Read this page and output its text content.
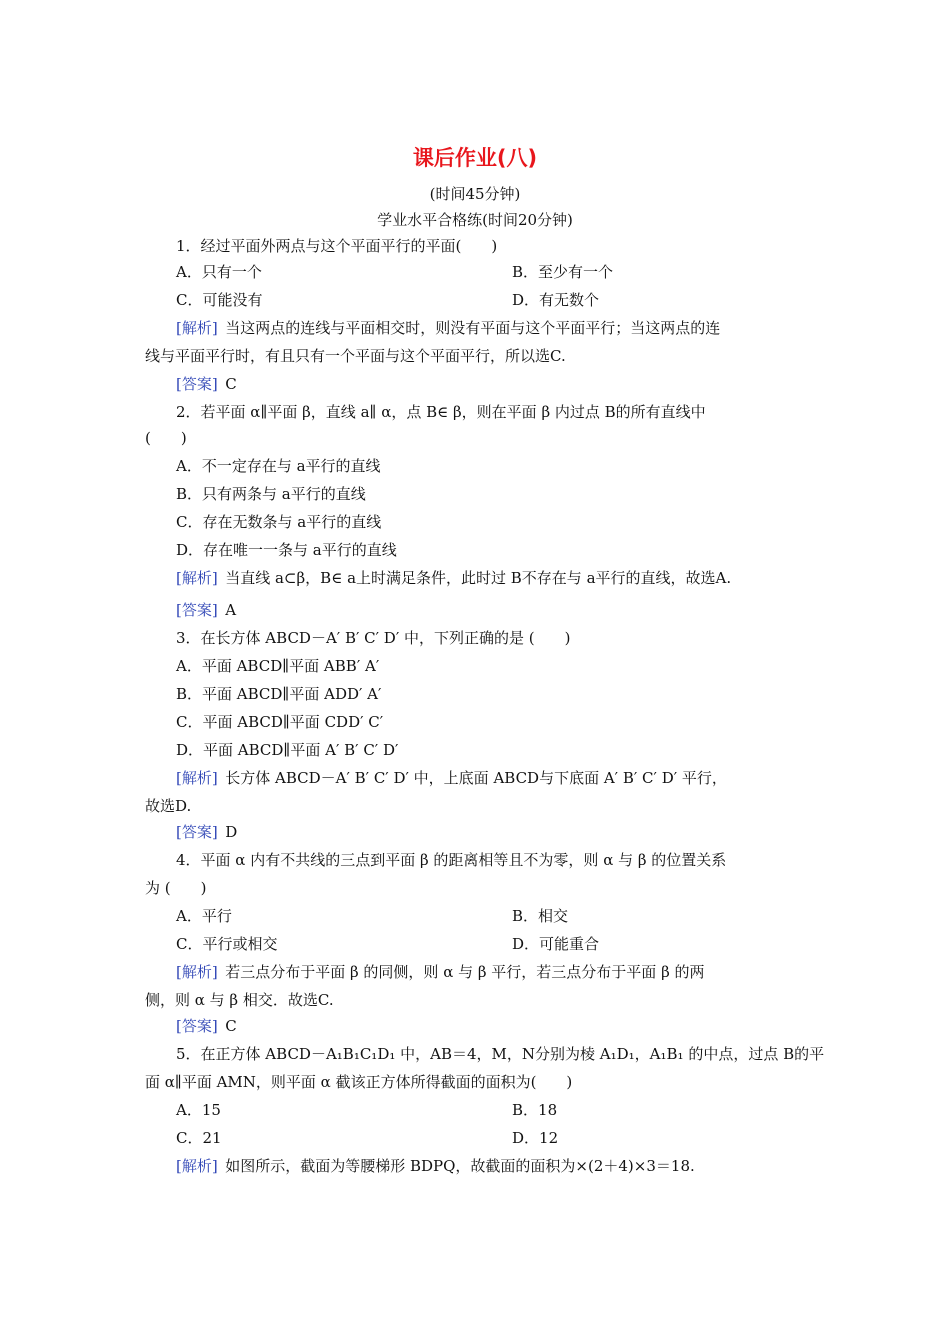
课后作业(八)
(时间45分钟)
学业水平合格练(时间20分钟)
1．经过平面外两点与这个平面平行的平面(　　)
A．只有一个	B．至少有一个
C．可能没有	D．有无数个
[解析]  当这两点的连线与平面相交时，则没有平面与这个平面平行；当这两点的连
线与平面平行时，有且只有一个平面与这个平面平行，所以选C.
[答案]  C
2．若平面 α∥平面 β，直线 a∥ α，点 B∈ β，则在平面 β 内过点 B的所有直线中
(　　)
A．不一定存在与 a平行的直线
B．只有两条与 a平行的直线
C．存在无数条与 a平行的直线
D．存在唯一一条与 a平行的直线
[解析]  当直线 a⊂β，B∈ a上时满足条件，此时过 B不存在与 a平行的直线，故选A.
[答案]  A
3．在长方体 ABCD－A′ B′ C′ D′ 中，下列正确的是 (　　)
A．平面 ABCD∥平面 ABB′ A′
B．平面 ABCD∥平面 ADD′ A′
C．平面 ABCD∥平面 CDD′ C′
D．平面 ABCD∥平面 A′ B′ C′ D′
[解析]  长方体 ABCD－A′ B′ C′ D′ 中，上底面 ABCD与下底面 A′ B′ C′ D′ 平行，
故选D.
[答案]  D
4．平面 α 内有不共线的三点到平面 β 的距离相等且不为零，则 α 与 β 的位置关系
为 (　　)
A．平行	B．相交
C．平行或相交	D．可能重合
[解析]  若三点分布于平面 β 的同侧，则 α 与 β 平行，若三点分布于平面 β 的两
侧，则 α 与 β 相交．故选C.
[答案]  C
5．在正方体 ABCD－A₁B₁C₁D₁ 中，AB＝4，M，N分别为棱 A₁D₁，A₁B₁ 的中点，过点 B的平
面 α∥平面 AMN，则平面 α 截该正方体所得截面的面积为(　　)
A．15	B．18
C．21	D．12
[解析]  如图所示，截面为等腰梯形 BDPQ，故截面的面积为×(2＋4)×3＝18.
